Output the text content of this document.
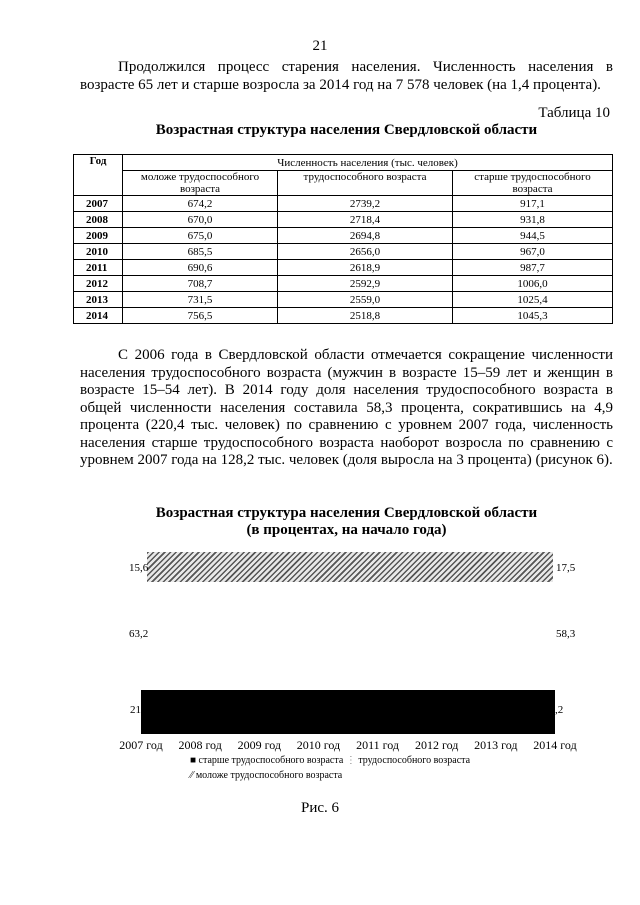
21
Продолжился процесс старения населения. Численность населения в возрасте 65 лет и старше возросла за 2014 год на 7 578 человек (на 1,4 процента).
Таблица 10
Возрастная структура населения Свердловской области
Год	Численность населения (тыс. человек)		
	моложе трудоспособного возраста	трудоспособного возраста	старше трудоспособного возраста
2007	674,2	2739,2	917,1
2008	670,0	2718,4	931,8
2009	675,0	2694,8	944,5
2010	685,5	2656,0	967,0
2011	690,6	2618,9	987,7
2012	708,7	2592,9	1006,0
2013	731,5	2559,0	1025,4
2014	756,5	2518,8	1045,3
С 2006 года в Свердловской области отмечается сокращение численности населения трудоспособного возраста (мужчин в возрасте 15–59 лет и женщин в возрасте 15–54 лет). В 2014 году доля населения трудоспособного возраста в общей численности населения составила 58,3 процента, сократившись на 4,9 процента (220,4 тыс. человек) по сравнению с уровнем 2007 года, численность населения старше трудоспособного возраста наоборот возросла по сравнению с уровнем 2007 года на 128,2 тыс. человек (доля выросла на 3 процента) (рисунок 6).
Возрастная структура населения Свердловской области
(в процентах, на начало года)
15,6	17,5
63,2	58,3
21	,2
2007 год 2008 год 2009 год 2010 год 2011 год 2012 год 2013 год 2014 год
■ старше трудоспособного возраста ⋮ трудоспособного возраста
⁄⁄ моложе трудоспособного возраста
Рис. 6
